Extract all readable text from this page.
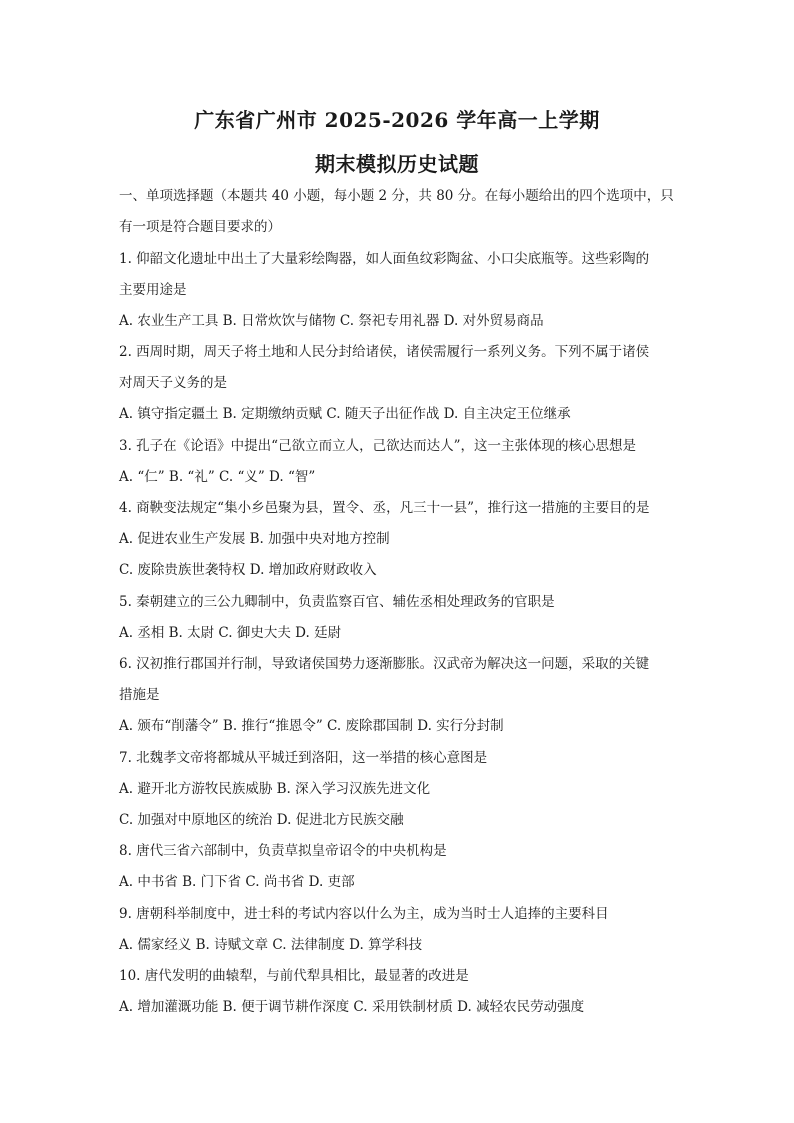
广东省广州市 2025-2026 学年高一上学期
期末模拟历史试题
一、单项选择题（本题共 40 小题，每小题 2 分，共 80 分。在每小题给出的四个选项中，只
有一项是符合题目要求的）
1. 仰韶文化遗址中出土了大量彩绘陶器，如人面鱼纹彩陶盆、小口尖底瓶等。这些彩陶的
主要用途是
A. 农业生产工具 B. 日常炊饮与储物 C. 祭祀专用礼器 D. 对外贸易商品
2. 西周时期，周天子将土地和人民分封给诸侯，诸侯需履行一系列义务。下列不属于诸侯
对周天子义务的是
A. 镇守指定疆土 B. 定期缴纳贡赋 C. 随天子出征作战 D. 自主决定王位继承
3. 孔子在《论语》中提出“己欲立而立人，己欲达而达人”，这一主张体现的核心思想是
A. “仁” B. “礼” C. “义” D. “智”
4. 商鞅变法规定“集小乡邑聚为县，置令、丞，凡三十一县”，推行这一措施的主要目的是
A. 促进农业生产发展 B. 加强中央对地方控制
C. 废除贵族世袭特权 D. 增加政府财政收入
5. 秦朝建立的三公九卿制中，负责监察百官、辅佐丞相处理政务的官职是
A. 丞相 B. 太尉 C. 御史大夫 D. 廷尉
6. 汉初推行郡国并行制，导致诸侯国势力逐渐膨胀。汉武帝为解决这一问题，采取的关键
措施是
A. 颁布“削藩令” B. 推行“推恩令” C. 废除郡国制 D. 实行分封制
7. 北魏孝文帝将都城从平城迁到洛阳，这一举措的核心意图是
A. 避开北方游牧民族威胁 B. 深入学习汉族先进文化
C. 加强对中原地区的统治 D. 促进北方民族交融
8. 唐代三省六部制中，负责草拟皇帝诏令的中央机构是
A. 中书省 B. 门下省 C. 尚书省 D. 吏部
9. 唐朝科举制度中，进士科的考试内容以什么为主，成为当时士人追捧的主要科目
A. 儒家经义 B. 诗赋文章 C. 法律制度 D. 算学科技
10. 唐代发明的曲辕犁，与前代犁具相比，最显著的改进是
A. 增加灌溉功能 B. 便于调节耕作深度 C. 采用铁制材质 D. 减轻农民劳动强度
